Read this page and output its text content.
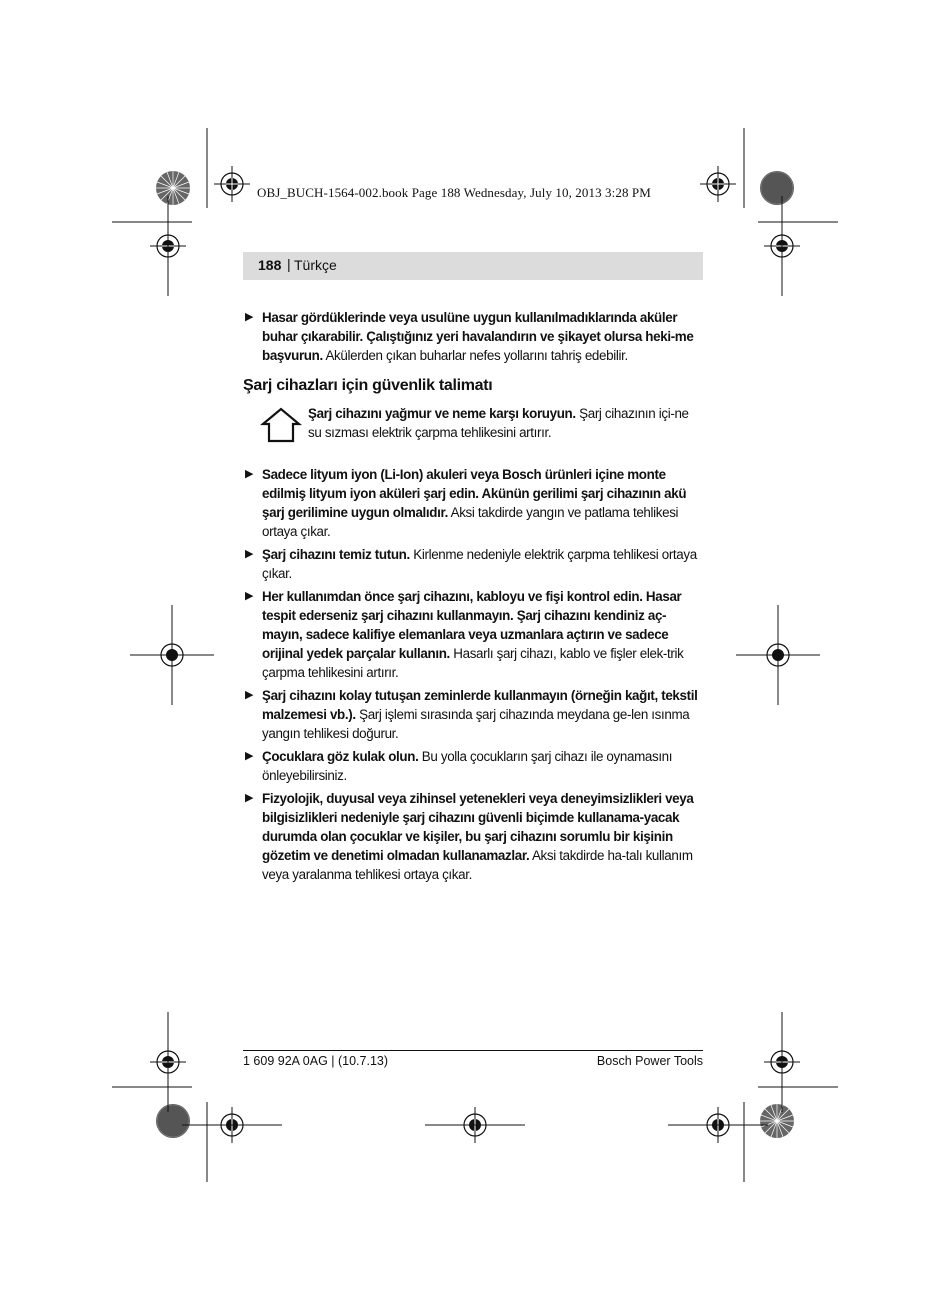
OBJ_BUCH-1564-002.book Page 188 Wednesday, July 10, 2013 3:28 PM
188 | Türkçe
▶ Hasar gördüklerinde veya usulüne uygun kullanılmadıklarında aküler buhar çıkarabilir. Çalıştığınız yeri havalandırın ve şikayet olursa heki-me başvurun. Akülerden çıkan buharlar nefes yollarını tahriş edebilir.
Şarj cihazları için güvenlik talimatı
Şarj cihazını yağmur ve neme karşı koruyun. Şarj cihazının içi-ne su sızması elektrik çarpma tehlikesini artırır.
▶ Sadece lityum iyon (Li-Ion) akuleri veya Bosch ürünleri içine monte edilmiş lityum iyon aküleri şarj edin. Akünün gerilimi şarj cihazının akü şarj gerilimine uygun olmalıdır. Aksi takdirde yangın ve patlama tehlikesi ortaya çıkar.
▶ Şarj cihazını temiz tutun. Kirlenme nedeniyle elektrik çarpma tehlikesi ortaya çıkar.
▶ Her kullanımdan önce şarj cihazını, kabloyu ve fişi kontrol edin. Hasar tespit ederseniz şarj cihazını kullanmayın. Şarj cihazını kendiniz aç-mayın, sadece kalifiye elemanlara veya uzmanlara açtırın ve sadece orijinal yedek parçalar kullanın. Hasarlı şarj cihazı, kablo ve fişler elek-trik çarpma tehlikesini artırır.
▶ Şarj cihazını kolay tutuşan zeminlerde kullanmayın (örneğin kağıt, tekstil malzemesi vb.). Şarj işlemi sırasında şarj cihazında meydana ge-len ısınma yangın tehlikesi doğurur.
▶ Çocuklara göz kulak olun. Bu yolla çocukların şarj cihazı ile oynamasını önleyebilirsiniz.
▶ Fizyolojik, duyusal veya zihinsel yetenekleri veya deneyimsizlikleri veya bilgisizlikleri nedeniyle şarj cihazını güvenli biçimde kullanama-yacak durumda olan çocuklar ve kişiler, bu şarj cihazını sorumlu bir kişinin gözetim ve denetimi olmadan kullanamazlar. Aksi takdirde ha-talı kullanım veya yaralanma tehlikesi ortaya çıkar.
1 609 92A 0AG | (10.7.13)	Bosch Power Tools
